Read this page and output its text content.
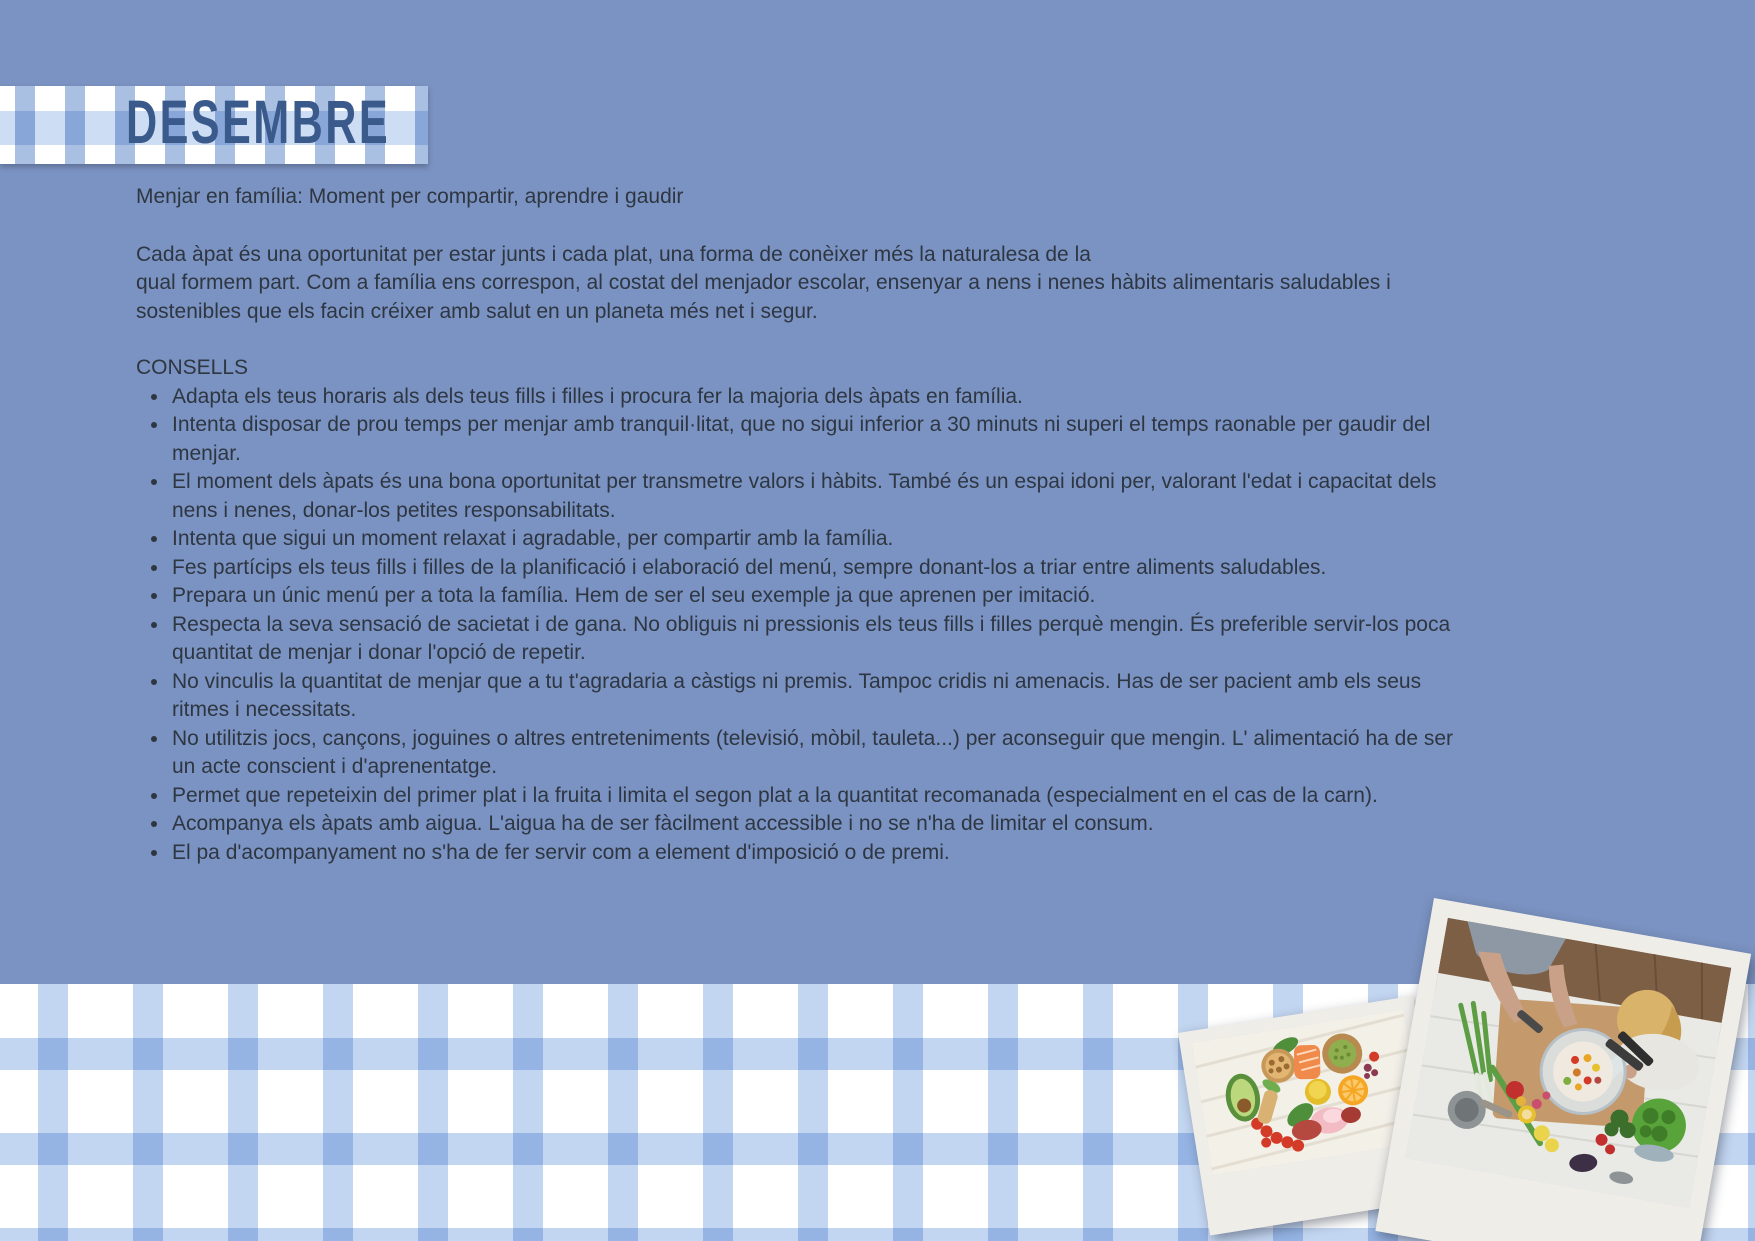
DESEMBRE

Menjar en família: Moment per compartir, aprendre i gaudir

Cada àpat és una oportunitat per estar junts i cada plat, una forma de conèixer més la naturalesa de la

qual formem part. Com a família ens correspon, al costat del menjador escolar, ensenyar a nens i nenes hàbits alimentaris saludables i

sostenibles que els facin créixer amb salut en un planeta més net i segur.

CONSELLS
• Adapta els teus horaris als dels teus fills i filles i procura fer la majoria dels àpats en família.
• Intenta disposar de prou temps per menjar amb tranquil·litat, que no sigui inferior a 30 minuts ni superi el temps raonable per gaudir del menjar.
• El moment dels àpats és una bona oportunitat per transmetre valors i hàbits. També és un espai idoni per, valorant l'edat i capacitat dels nens i nenes, donar-los petites responsabilitats.
• Intenta que sigui un moment relaxat i agradable, per compartir amb la família.
• Fes partícips els teus fills i filles de la planificació i elaboració del menú, sempre donant-los a triar entre aliments saludables.
• Prepara un únic menú per a tota la família. Hem de ser el seu exemple ja que aprenen per imitació.
• Respecta la seva sensació de sacietat i de gana. No obliguis ni pressionis els teus fills i filles perquè mengin. És preferible servir-los poca quantitat de menjar i donar l'opció de repetir.
• No vinculis la quantitat de menjar que a tu t'agradaria a càstigs ni premis. Tampoc cridis ni amenacis. Has de ser pacient amb els seus ritmes i necessitats.
• No utilitzis jocs, cançons, joguines o altres entreteniments (televisió, mòbil, tauleta...) per aconseguir que mengin. L' alimentació ha de ser un acte conscient i d'aprenentatge.
• Permet que repeteixin del primer plat i la fruita i limita el segon plat a la quantitat recomanada (especialment en el cas de la carn).
• Acompanya els àpats amb aigua. L'aigua ha de ser fàcilment accessible i no se n'ha de limitar el consum.
• El pa d'acompanyament no s'ha de fer servir com a element d'imposició o de premi.
